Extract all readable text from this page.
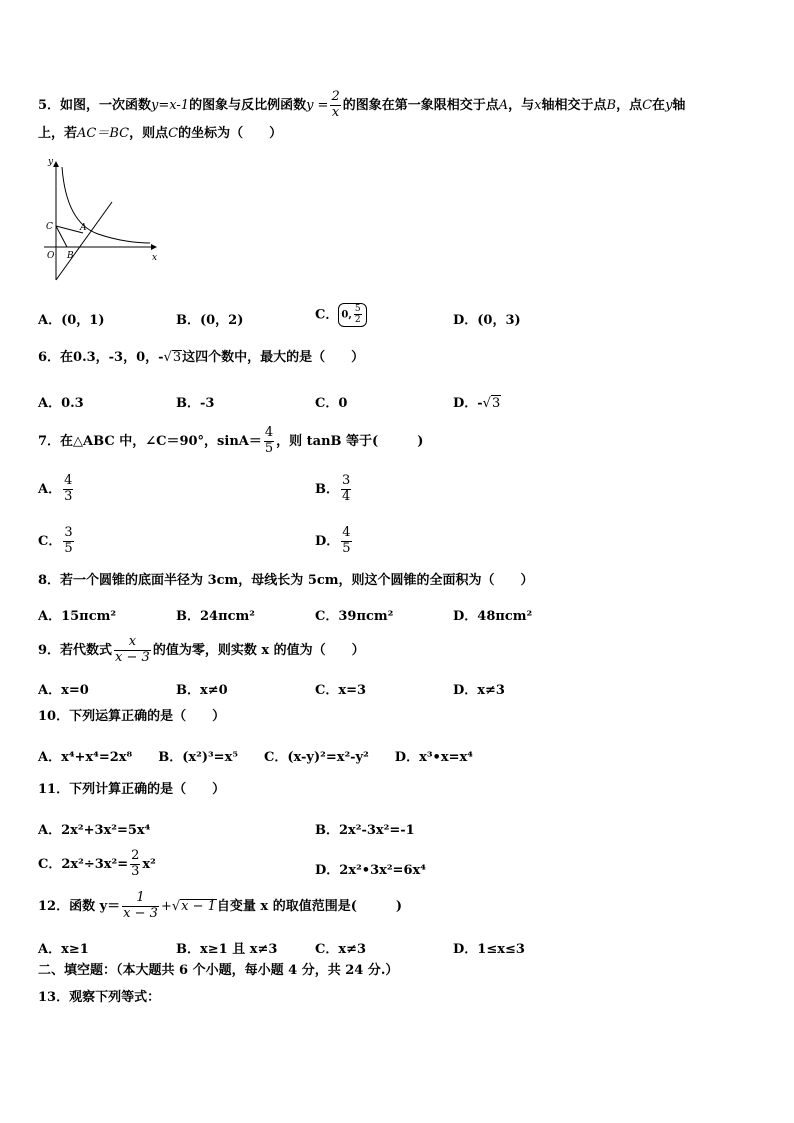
5．如图，一次函数y=x-1的图象与反比例函数$y = \frac{2}{x}$ 的图象在第一象限相交于点A，与x轴相交于点B，点C在y轴
上，若AC＝BC，则点C的坐标为（　　）
y
x
C	A
O B
A．(0，1)	B．(0，2)	C． 0, $\frac{5}{2}$	D．(0，3)
6．在0.3，-3，0，-√3这四个数中，最大的是（　　）
A．0.3	B．-3	C．0	D．-√3
7．在△ABC 中，∠C＝90°，$\sin A= \frac{4}{5}$ ，则 tanB 等于(　　　)
A． $\frac{4}{3}$	B． $\frac{3}{4}$
C． $\frac{3}{5}$	D． $\frac{4}{5}$
8．若一个圆锥的底面半径为 3cm，母线长为 5cm，则这个圆锥的全面积为（　　）
A．15πcm²	B．24πcm²	C．39πcm²	D．48πcm²
9．若代数式 $\frac{x}{x - 3}$ 的值为零，则实数 x 的值为（　　）
A．x=0	B．x≠0	C．x=3	D．x≠3
10．下列运算正确的是（　　）
A．x⁴+x⁴=2x⁸　　B．(x²)³=x⁵　　C．(x-y)²=x²-y²　　D．x³•x=x⁴
11．下列计算正确的是（　　）
A．2x²+3x²=5x⁴	B．2x²-3x²=-1
C．$2x^2\div 3x^2= \frac{2}{3} x^2$	D．2x²•3x²=6x⁴
12．函数 $y= \frac{1}{x - 3} +√x - 1$自变量 x 的取值范围是(　　　)
A．x≥1	B．x≥1 且 x≠3	C．x≠3	D．1≤x≤3
二、填空题：（本大题共 6 个小题，每小题 4 分，共 24 分.）
13．观察下列等式：
